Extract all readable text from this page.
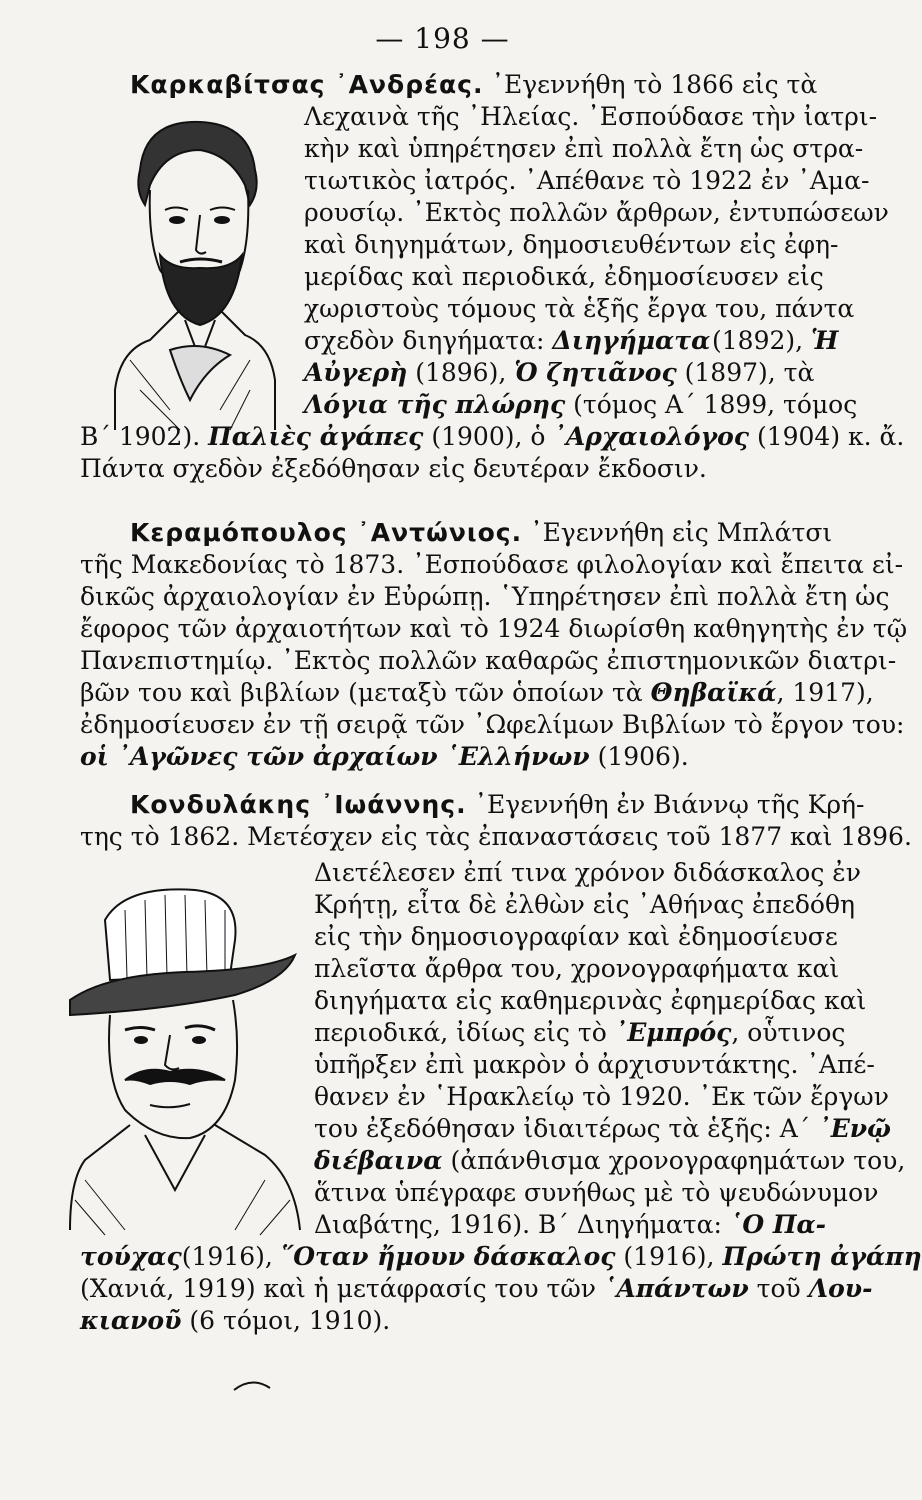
— 198 —
Καρκαβίτσας ᾿Ανδρέας. ᾿Εγεννήθη τὸ 1866 εἰς τὰ
Λεχαινὰ τῆς ᾿Ηλείας. ᾿Εσπούδασε τὴν ἰατρι-
κὴν καὶ ὑπηρέτησεν ἐπὶ πολλὰ ἔτη ὡς στρα-
τιωτικὸς ἰατρός. ᾿Απέθανε τὸ 1922 ἐν ᾿Αμα-
ρουσίῳ. ᾿Εκτὸς πολλῶν ἄρθρων, ἐντυπώσεων
καὶ διηγημάτων, δημοσιευθέντων εἰς ἐφη-
μερίδας καὶ περιοδικά, ἐδημοσίευσεν εἰς
χωριστοὺς τόμους τὰ ἑξῆς ἔργα του, πάντα
σχεδὸν διηγήματα: Διηγήματα (1892), Ἡ
Αὐγερὴ (1896), Ὁ ζητιᾶνος (1897), τὰ
Λόγια τῆς πλώρης (τόμος Α΄ 1899, τόμος
Β΄ 1902). Παλιὲς ἀγάπες (1900), ὁ ᾿Αρχαιολόγος (1904) κ. ἄ.
Πάντα σχεδὸν ἐξεδόθησαν εἰς δευτέραν ἔκδοσιν.
Κεραμόπουλος ᾿Αντώνιος. ᾿Εγεννήθη εἰς Μπλάτσι
τῆς Μακεδονίας τὸ 1873. ᾿Εσπούδασε φιλολογίαν καὶ ἔπειτα εἰ-
δικῶς ἀρχαιολογίαν ἐν Εὐρώπῃ. ῾Υπηρέτησεν ἐπὶ πολλὰ ἔτη ὡς
ἔφορος τῶν ἀρχαιοτήτων καὶ τὸ 1924 διωρίσθη καθηγητὴς ἐν τῷ
Πανεπιστημίῳ. ᾿Εκτὸς πολλῶν καθαρῶς ἐπιστημονικῶν διατρι-
βῶν του καὶ βιβλίων (μεταξὺ τῶν ὁποίων τὰ Θηβαϊκά, 1917),
ἐδημοσίευσεν ἐν τῇ σειρᾷ τῶν ᾿Ωφελίμων Βιβλίων τὸ ἔργον του:
οἱ ᾿Αγῶνες τῶν ἀρχαίων ῾Ελλήνων (1906).
Κονδυλάκης ᾿Ιωάννης. ᾿Εγεννήθη ἐν Βιάννῳ τῆς Κρή-
της τὸ 1862. Μετέσχεν εἰς τὰς ἐπαναστάσεις τοῦ 1877 καὶ 1896.
Διετέλεσεν ἐπί τινα χρόνον διδάσκαλος ἐν
Κρήτῃ, εἶτα δὲ ἐλθὼν εἰς ᾿Αθήνας ἐπεδόθη
εἰς τὴν δημοσιογραφίαν καὶ ἐδημοσίευσε
πλεῖστα ἄρθρα του, χρονογραφήματα καὶ
διηγήματα εἰς καθημερινὰς ἐφημερίδας καὶ
περιοδικά, ἰδίως εἰς τὸ ᾿Εμπρός, οὗτινος
ὑπῆρξεν ἐπὶ μακρὸν ὁ ἀρχισυντάκτης. ᾿Απέ-
θανεν ἐν ῾Ηρακλείῳ τὸ 1920. ᾿Εκ τῶν ἔργων
του ἐξεδόθησαν ἰδιαιτέρως τὰ ἑξῆς: Α΄ ᾿Ενῷ
διέβαινα (ἀπάνθισμα χρονογραφημάτων του,
ἅτινα ὑπέγραφε συνήθως μὲ τὸ ψευδώνυμον
Διαβάτης, 1916). Β΄ Διηγήματα: ῾Ο Πα-
τούχας(1916), ῞Οταν ἤμουν δάσκαλος (1916), Πρώτη ἀγάπη
(Χανιά, 1919) καὶ ἡ μετάφρασίς του τῶν ῾Απάντων τοῦ Λου-
κιανοῦ (6 τόμοι, 1910).
